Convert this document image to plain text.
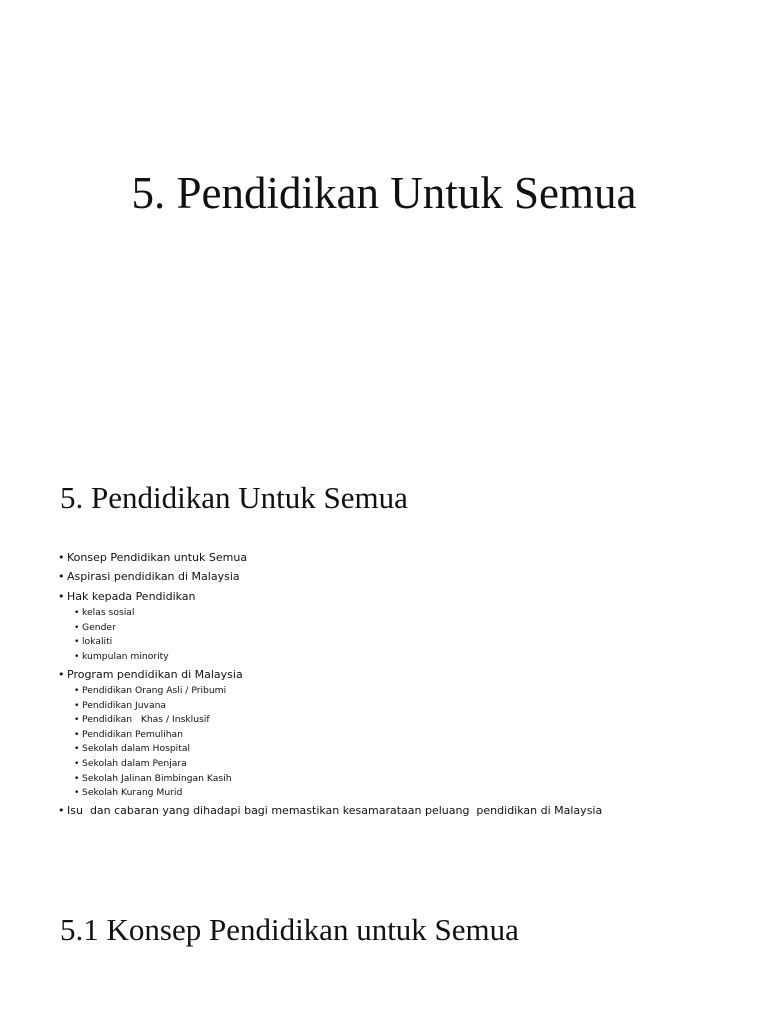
5. Pendidikan Untuk Semua
5. Pendidikan Untuk Semua
• Konsep Pendidikan untuk Semua
• Aspirasi pendidikan di Malaysia
• Hak kepada Pendidikan
• kelas sosial
• Gender
• lokaliti
• kumpulan minority
• Program pendidikan di Malaysia
• Pendidikan Orang Asli / Pribumi
• Pendidikan Juvana
• Pendidikan   Khas / Insklusif
• Pendidikan Pemulihan
• Sekolah dalam Hospital
• Sekolah dalam Penjara
• Sekolah Jalinan Bimbingan Kasih
• Sekolah Kurang Murid
• Isu  dan cabaran yang dihadapi bagi memastikan kesamarataan peluang  pendidikan di Malaysia
5.1 Konsep Pendidikan untuk Semua
